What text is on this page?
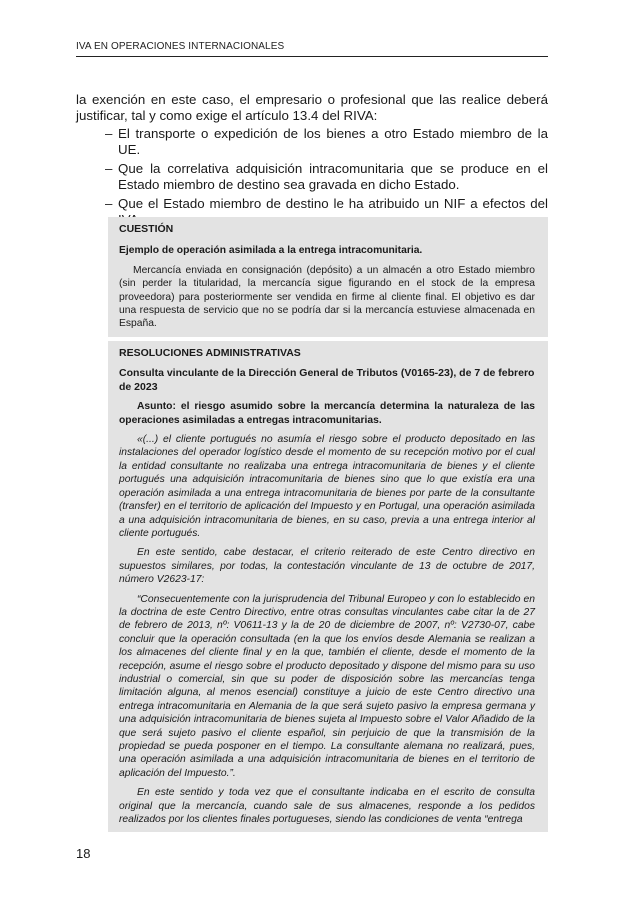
IVA EN OPERACIONES INTERNACIONALES

la exención en este caso, el empresario o profesional que las realice deberá justificar, tal y como exige el artículo 13.4 del RIVA:

– El transporte o expedición de los bienes a otro Estado miembro de la UE.
– Que la correlativa adquisición intracomunitaria que se produce en el Estado miembro de destino sea gravada en dicho Estado.
– Que el Estado miembro de destino le ha atribuido un NIF a efectos del
CUESTIÓN
Ejemplo de operación asimilada a la entrega intracomunitaria.

Mercancía enviada en consignación (depósito) a un almacén a otro Estado miembro (sin perder la titularidad, la mercancía sigue figurando en el stock de la empresa proveedora) para posteriormente ser vendida en firme al cliente final. El objetivo es dar una respuesta de servicio que no se podría dar si la mercancía estuviese almacenada en España.

RESOLUCIONES ADMINISTRATIVAS
Consulta vinculante de la Dirección General de Tributos (V0165-23), de 7 de febrero de 2023

Asunto: el riesgo asumido sobre la mercancía determina la naturaleza de las operaciones asimiladas a entregas intracomunitarias.

«(...) el cliente portugués no asumía el riesgo sobre el producto depositado en las instalaciones del operador logístico desde el momento de su recepción motivo por el cual la entidad consultante no realizaba una entrega intracomunitaria de bienes y el cliente portugués una adquisición intracomunitaria de bienes sino que lo que existía era una operación asimilada a una entrega intracomunitaria de bienes por parte de la consultante (transfer) en el territorio de aplicación del Impuesto y en Portugal, una operación asimilada a una adquisición intracomunitaria de bienes, en su caso, previa a una entrega interior al cliente portugués.

En este sentido, cabe destacar, el criterio reiterado de este Centro directivo en supuestos similares, por todas, la contestación vinculante de 13 de octubre de 2017, número V2623-17:

“Consecuentemente con la jurisprudencia del Tribunal Europeo y con lo establecido en la doctrina de este Centro Directivo, entre otras consultas vinculantes cabe citar la de 27 de febrero de 2013, nº: V0611-13 y la de 20 de diciembre de 2007, nº: V2730-07, cabe concluir que la operación consultada (en la que los envíos desde Alemania se realizan a los almacenes del cliente final y en la que, también el cliente, desde el momento de la recepción, asume el riesgo sobre el producto depositado y dispone del mismo para su uso industrial o comercial, sin que su poder de disposición sobre las mercancías tenga limitación alguna, al menos esencial) constituye a juicio de este Centro directivo una entrega intracomunitaria en Alemania de la que será sujeto pasivo la empresa germana y una adquisición intracomunitaria de bienes sujeta al Impuesto sobre el Valor Añadido de la que será sujeto pasivo el cliente español, sin perjuicio de que la transmisión de la propiedad se pueda posponer en el tiempo. La consultante alemana no realizará, pues, una operación asimilada a una adquisición intracomunitaria de bienes en el territorio de aplicación del Impuesto.”.

En este sentido y toda vez que el consultante indicaba en el escrito de consulta original que la mercancía, cuando sale de sus almacenes, responde a los pedidos realizados por los clientes finales portugueses, siendo las condiciones de venta “entrega

18
